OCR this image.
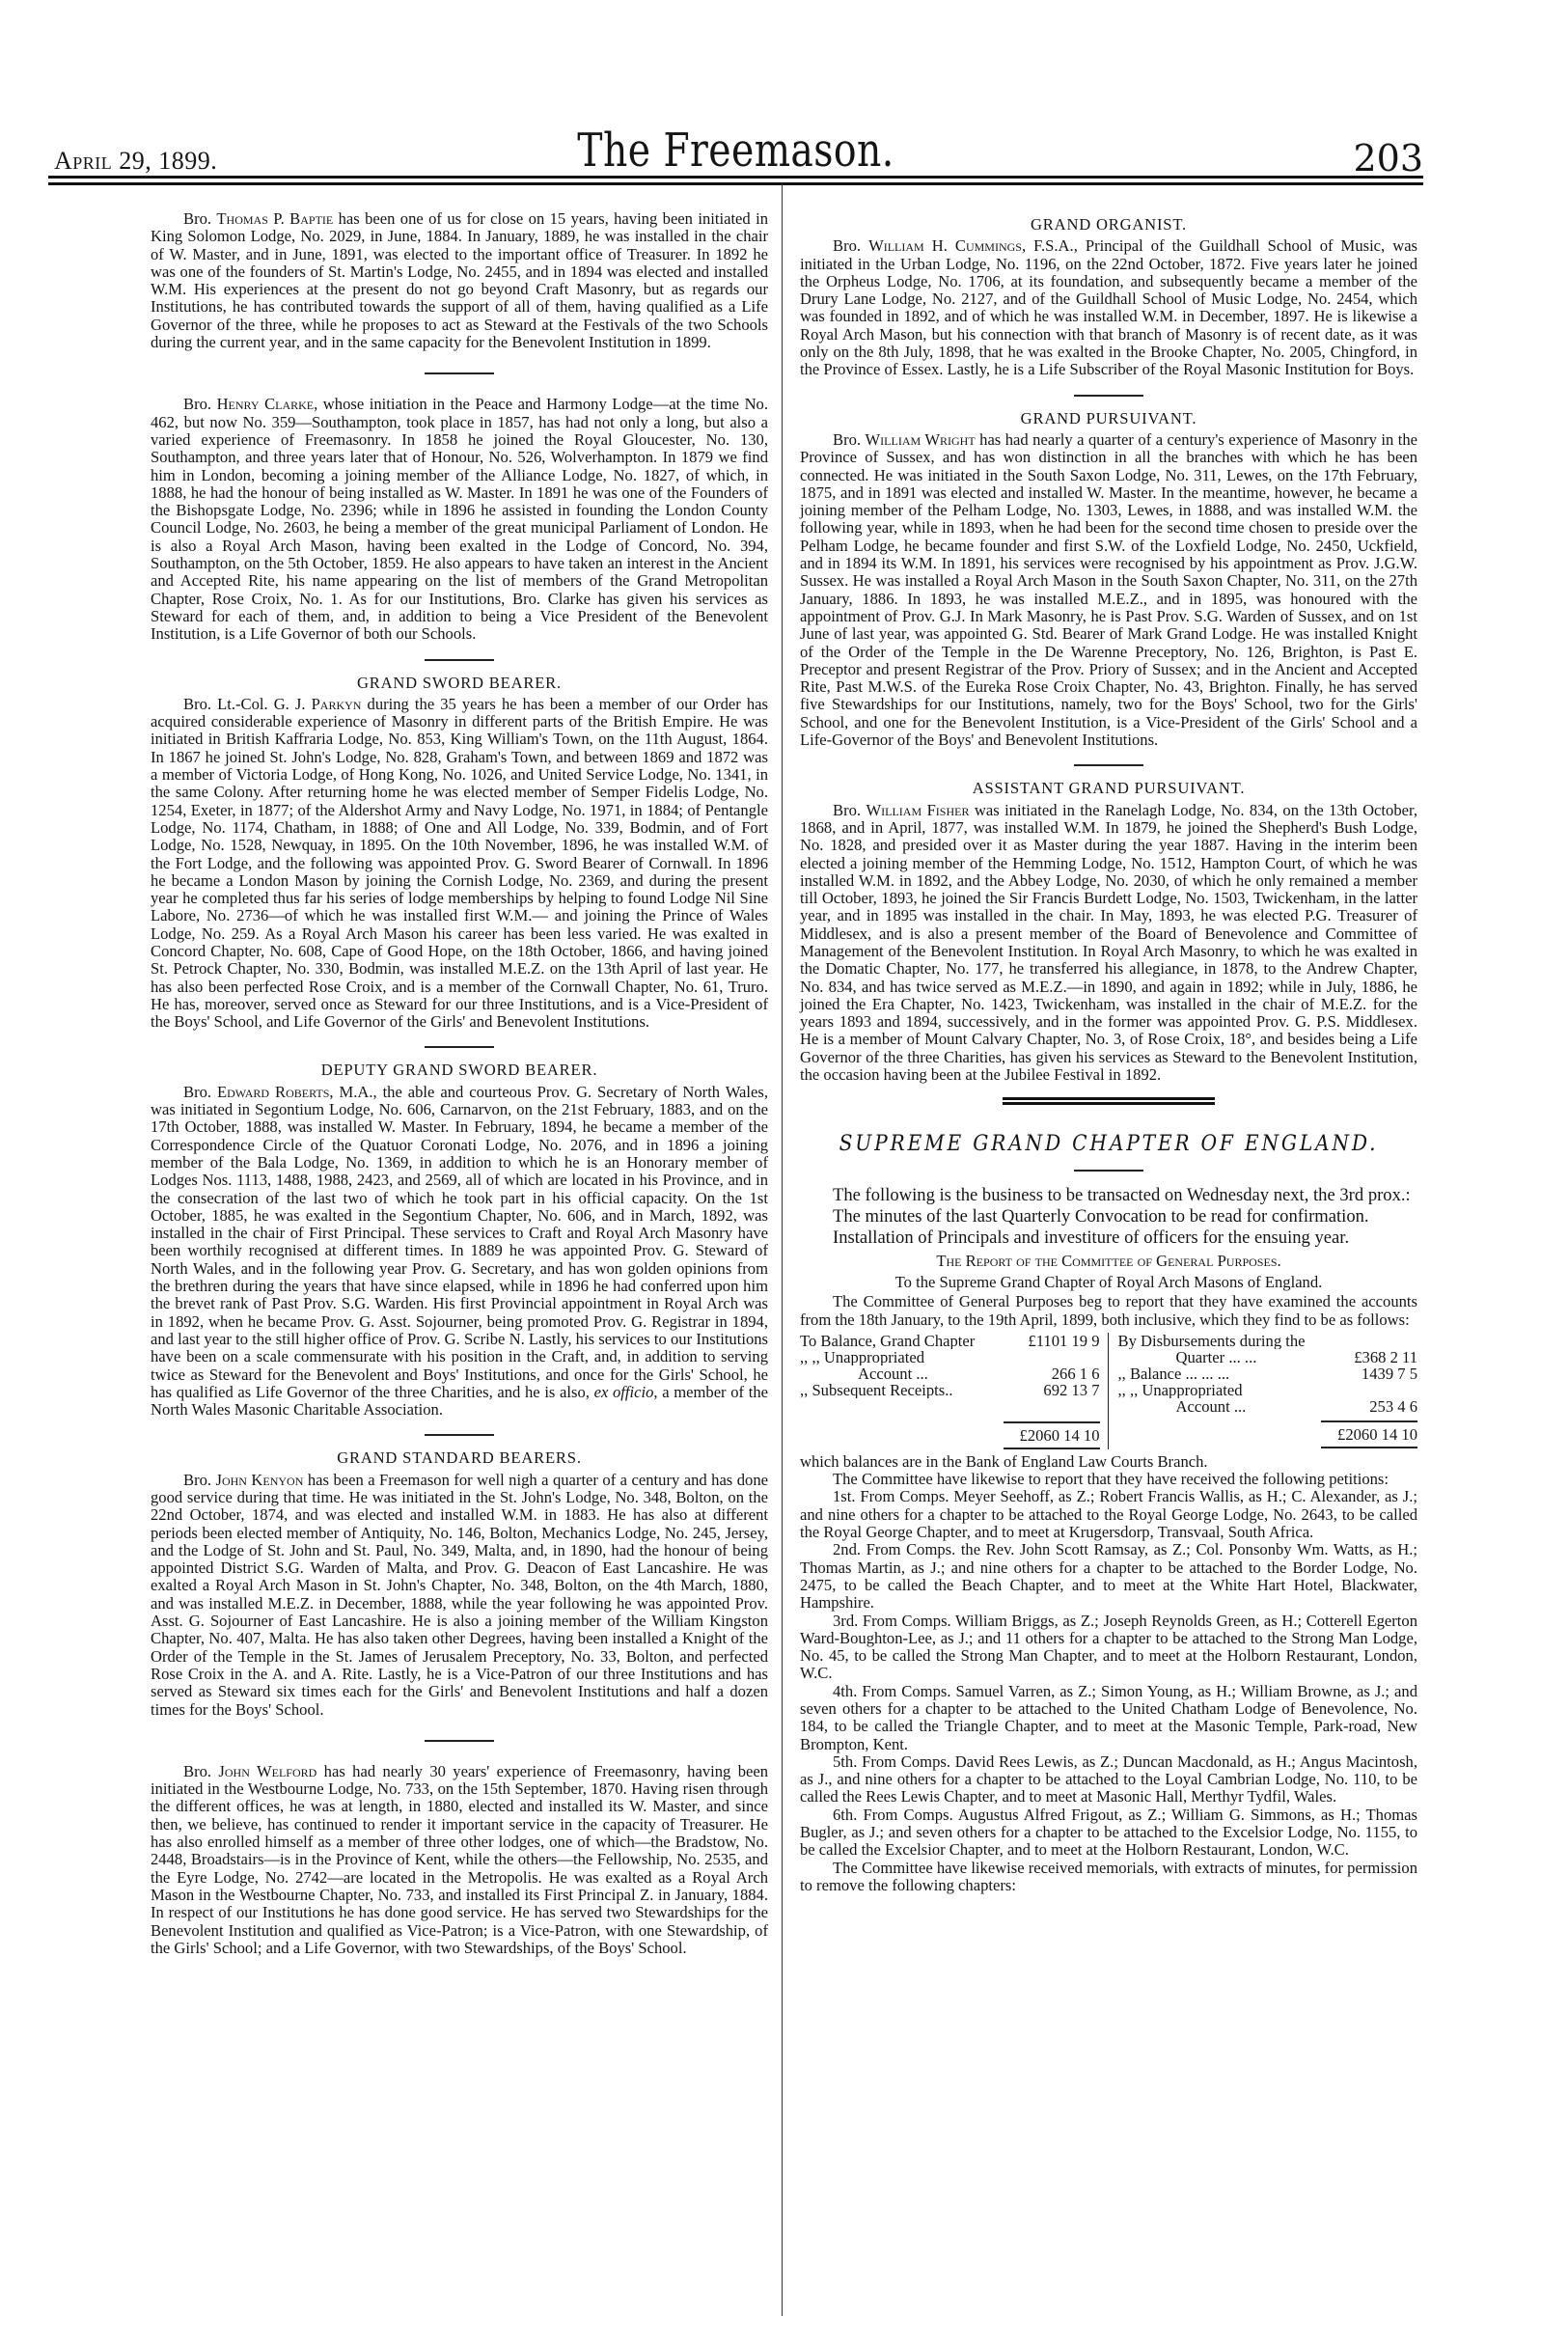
April 29, 1899.	The Freemason.	203

Bro. Thomas P. Baptie has been one of us for close on 15 years, having been initiated in King Solomon Lodge, No. 2029, in June, 1884. In January, 1889, he was installed in the chair of W. Master, and in June, 1891, was elected to the important office of Treasurer. In 1892 he was one of the founders of St. Martin's Lodge, No. 2455, and in 1894 was elected and installed W.M. His experiences at the present do not go beyond Craft Masonry, but as regards our Institutions, he has contributed towards the support of all of them, having qualified as a Life Governor of the three, while he proposes to act as Steward at the Festivals of the two Schools during the current year, and in the same capacity for the Benevolent Institution in 1899.

Bro. Henry Clarke, whose initiation in the Peace and Harmony Lodge—at the time No. 462, but now No. 359—Southampton, took place in 1857, has had not only a long, but also a varied experience of Freemasonry. In 1858 he joined the Royal Gloucester, No. 130, Southampton, and three years later that of Honour, No. 526, Wolverhampton. In 1879 we find him in London, becoming a joining member of the Alliance Lodge, No. 1827, of which, in 1888, he had the honour of being installed as W. Master. In 1891 he was one of the Founders of the Bishopsgate Lodge, No. 2396; while in 1896 he assisted in founding the London County Council Lodge, No. 2603, he being a member of the great municipal Parliament of London. He is also a Royal Arch Mason, having been exalted in the Lodge of Concord, No. 394, Southampton, on the 5th October, 1859. He also appears to have taken an interest in the Ancient and Accepted Rite, his name appearing on the list of members of the Grand Metropolitan Chapter, Rose Croix, No. 1. As for our Institutions, Bro. Clarke has given his services as Steward for each of them, and, in addition to being a Vice President of the Benevolent Institution, is a Life Governor of both our Schools.

GRAND SWORD BEARER.

Bro. Lt.-Col. G. J. Parkyn during the 35 years he has been a member of our Order has acquired considerable experience of Masonry in different parts of the British Empire. He was initiated in British Kaffraria Lodge, No. 853, King William's Town, on the 11th August, 1864. In 1867 he joined St. John's Lodge, No. 828, Graham's Town, and between 1869 and 1872 was a member of Victoria Lodge, of Hong Kong, No. 1026, and United Service Lodge, No. 1341, in the same Colony. After returning home he was elected member of Semper Fidelis Lodge, No. 1254, Exeter, in 1877; of the Aldershot Army and Navy Lodge, No. 1971, in 1884; of Pentangle Lodge, No. 1174, Chatham, in 1888; of One and All Lodge, No. 339, Bodmin, and of Fort Lodge, No. 1528, Newquay, in 1895. On the 10th November, 1896, he was installed W.M. of the Fort Lodge, and the following was appointed Prov. G. Sword Bearer of Cornwall. In 1896 he became a London Mason by joining the Cornish Lodge, No. 2369, and during the present year he completed thus far his series of lodge memberships by helping to found Lodge Nil Sine Labore, No. 2736—of which he was installed first W.M.— and joining the Prince of Wales Lodge, No. 259. As a Royal Arch Mason his career has been less varied. He was exalted in Concord Chapter, No. 608, Cape of Good Hope, on the 18th October, 1866, and having joined St. Petrock Chapter, No. 330, Bodmin, was installed M.E.Z. on the 13th April of last year. He has also been perfected Rose Croix, and is a member of the Cornwall Chapter, No. 61, Truro. He has, moreover, served once as Steward for our three Institutions, and is a Vice-President of the Boys' School, and Life Governor of the Girls' and Benevolent Institutions.

DEPUTY GRAND SWORD BEARER.

Bro. Edward Roberts, M.A., the able and courteous Prov. G. Secretary of North Wales, was initiated in Segontium Lodge, No. 606, Carnarvon, on the 21st February, 1883, and on the 17th October, 1888, was installed W. Master. In February, 1894, he became a member of the Correspondence Circle of the Quatuor Coronati Lodge, No. 2076, and in 1896 a joining member of the Bala Lodge, No. 1369, in addition to which he is an Honorary member of Lodges Nos. 1113, 1488, 1988, 2423, and 2569, all of which are located in his Province, and in the consecration of the last two of which he took part in his official capacity. On the 1st October, 1885, he was exalted in the Segontium Chapter, No. 606, and in March, 1892, was installed in the chair of First Principal. These services to Craft and Royal Arch Masonry have been worthily recognised at different times. In 1889 he was appointed Prov. G. Steward of North Wales, and in the following year Prov. G. Secretary, and has won golden opinions from the brethren during the years that have since elapsed, while in 1896 he had conferred upon him the brevet rank of Past Prov. S.G. Warden. His first Provincial appointment in Royal Arch was in 1892, when he became Prov. G. Asst. Sojourner, being promoted Prov. G. Registrar in 1894, and last year to the still higher office of Prov. G. Scribe N. Lastly, his services to our Institutions have been on a scale commensurate with his position in the Craft, and, in addition to serving twice as Steward for the Benevolent and Boys' Institutions, and once for the Girls' School, he has qualified as Life Governor of the three Charities, and he is also, ex officio, a member of the North Wales Masonic Charitable Association.

GRAND STANDARD BEARERS.

Bro. John Kenyon has been a Freemason for well nigh a quarter of a century and has done good service during that time. He was initiated in the St. John's Lodge, No. 348, Bolton, on the 22nd October, 1874, and was elected and installed W.M. in 1883. He has also at different periods been elected member of Antiquity, No. 146, Bolton, Mechanics Lodge, No. 245, Jersey, and the Lodge of St. John and St. Paul, No. 349, Malta, and, in 1890, had the honour of being appointed District S.G. Warden of Malta, and Prov. G. Deacon of East Lancashire. He was exalted a Royal Arch Mason in St. John's Chapter, No. 348, Bolton, on the 4th March, 1880, and was installed M.E.Z. in December, 1888, while the year following he was appointed Prov. Asst. G. Sojourner of East Lancashire. He is also a joining member of the William Kingston Chapter, No. 407, Malta. He has also taken other Degrees, having been installed a Knight of the Order of the Temple in the St. James of Jerusalem Preceptory, No. 33, Bolton, and perfected Rose Croix in the A. and A. Rite. Lastly, he is a Vice-Patron of our three Institutions and has served as Steward six times each for the Girls' and Benevolent Institutions and half a dozen times for the Boys' School.

Bro. John Welford has had nearly 30 years' experience of Freemasonry, having been initiated in the Westbourne Lodge, No. 733, on the 15th September, 1870. Having risen through the different offices, he was at length, in 1880, elected and installed its W. Master, and since then, we believe, has continued to render it important service in the capacity of Treasurer. He has also enrolled himself as a member of three other lodges, one of which—the Bradstow, No. 2448, Broadstairs—is in the Province of Kent, while the others—the Fellowship, No. 2535, and the Eyre Lodge, No. 2742—are located in the Metropolis. He was exalted as a Royal Arch Mason in the Westbourne Chapter, No. 733, and installed its First Principal Z. in January, 1884. In respect of our Institutions he has done good service. He has served two Stewardships for the Benevolent Institution and qualified as Vice-Patron; is a Vice-Patron, with one Stewardship, of the Girls' School; and a Life Governor, with two Stewardships, of the Boys' School.

GRAND ORGANIST.

Bro. William H. Cummings, F.S.A., Principal of the Guildhall School of Music, was initiated in the Urban Lodge, No. 1196, on the 22nd October, 1872. Five years later he joined the Orpheus Lodge, No. 1706, at its foundation, and subsequently became a member of the Drury Lane Lodge, No. 2127, and of the Guildhall School of Music Lodge, No. 2454, which was founded in 1892, and of which he was installed W.M. in December, 1897. He is likewise a Royal Arch Mason, but his connection with that branch of Masonry is of recent date, as it was only on the 8th July, 1898, that he was exalted in the Brooke Chapter, No. 2005, Chingford, in the Province of Essex. Lastly, he is a Life Subscriber of the Royal Masonic Institution for Boys.

GRAND PURSUIVANT.

Bro. William Wright has had nearly a quarter of a century's experience of Masonry in the Province of Sussex, and has won distinction in all the branches with which he has been connected. He was initiated in the South Saxon Lodge, No. 311, Lewes, on the 17th February, 1875, and in 1891 was elected and installed W. Master. In the meantime, however, he became a joining member of the Pelham Lodge, No. 1303, Lewes, in 1888, and was installed W.M. the following year, while in 1893, when he had been for the second time chosen to preside over the Pelham Lodge, he became founder and first S.W. of the Loxfield Lodge, No. 2450, Uckfield, and in 1894 its W.M. In 1891, his services were recognised by his appointment as Prov. J.G.W. Sussex. He was installed a Royal Arch Mason in the South Saxon Chapter, No. 311, on the 27th January, 1886. In 1893, he was installed M.E.Z., and in 1895, was honoured with the appointment of Prov. G.J. In Mark Masonry, he is Past Prov. S.G. Warden of Sussex, and on 1st June of last year, was appointed G. Std. Bearer of Mark Grand Lodge. He was installed Knight of the Order of the Temple in the De Warenne Preceptory, No. 126, Brighton, is Past E. Preceptor and present Registrar of the Prov. Priory of Sussex; and in the Ancient and Accepted Rite, Past M.W.S. of the Eureka Rose Croix Chapter, No. 43, Brighton. Finally, he has served five Stewardships for our Institutions, namely, two for the Boys' School, two for the Girls' School, and one for the Benevolent Institution, is a Vice-President of the Girls' School and a Life-Governor of the Boys' and Benevolent Institutions.

ASSISTANT GRAND PURSUIVANT.

Bro. William Fisher was initiated in the Ranelagh Lodge, No. 834, on the 13th October, 1868, and in April, 1877, was installed W.M. In 1879, he joined the Shepherd's Bush Lodge, No. 1828, and presided over it as Master during the year 1887. Having in the interim been elected a joining member of the Hemming Lodge, No. 1512, Hampton Court, of which he was installed W.M. in 1892, and the Abbey Lodge, No. 2030, of which he only remained a member till October, 1893, he joined the Sir Francis Burdett Lodge, No. 1503, Twickenham, in the latter year, and in 1895 was installed in the chair. In May, 1893, he was elected P.G. Treasurer of Middlesex, and is also a present member of the Board of Benevolence and Committee of Management of the Benevolent Institution. In Royal Arch Masonry, to which he was exalted in the Domatic Chapter, No. 177, he transferred his allegiance, in 1878, to the Andrew Chapter, No. 834, and has twice served as M.E.Z.—in 1890, and again in 1892; while in July, 1886, he joined the Era Chapter, No. 1423, Twickenham, was installed in the chair of M.E.Z. for the years 1893 and 1894, successively, and in the former was appointed Prov. G. P.S. Middlesex. He is a member of Mount Calvary Chapter, No. 3, of Rose Croix, 18°, and besides being a Life Governor of the three Charities, has given his services as Steward to the Benevolent Institution, the occasion having been at the Jubilee Festival in 1892.

SUPREME GRAND CHAPTER OF ENGLAND.

The following is the business to be transacted on Wednesday next, the 3rd prox.:

The minutes of the last Quarterly Convocation to be read for confirmation.

Installation of Principals and investiture of officers for the ensuing year.

The Report of the Committee of General Purposes.

To the Supreme Grand Chapter of Royal Arch Masons of England.

The Committee of General Purposes beg to report that they have examined the accounts from the 18th January, to the 19th April, 1899, both inclusive, which they find to be as follows:

To Balance, Grand Chapter	£1101 19 9
,, ,, Unappropriated
Account ...	266 1 6
,, Subsequent Receipts..	692 13 7
£2060 14 10
By Disbursements during the
Quarter ... ...	£368 2 11
,, Balance ... ... ...	1439 7 5
,, ,, Unappropriated
Account ...	253 4 6
£2060 14 10

which balances are in the Bank of England Law Courts Branch.

The Committee have likewise to report that they have received the following petitions:

1st. From Comps. Meyer Seehoff, as Z.; Robert Francis Wallis, as H.; C. Alexander, as J.; and nine others for a chapter to be attached to the Royal George Lodge, No. 2643, to be called the Royal George Chapter, and to meet at Krugersdorp, Transvaal, South Africa.

2nd. From Comps. the Rev. John Scott Ramsay, as Z.; Col. Ponsonby Wm. Watts, as H.; Thomas Martin, as J.; and nine others for a chapter to be attached to the Border Lodge, No. 2475, to be called the Beach Chapter, and to meet at the White Hart Hotel, Blackwater, Hampshire.

3rd. From Comps. William Briggs, as Z.; Joseph Reynolds Green, as H.; Cotterell Egerton Ward-Boughton-Lee, as J.; and 11 others for a chapter to be attached to the Strong Man Lodge, No. 45, to be called the Strong Man Chapter, and to meet at the Holborn Restaurant, London, W.C.

4th. From Comps. Samuel Varren, as Z.; Simon Young, as H.; William Browne, as J.; and seven others for a chapter to be attached to the United Chatham Lodge of Benevolence, No. 184, to be called the Triangle Chapter, and to meet at the Masonic Temple, Park-road, New Brompton, Kent.

5th. From Comps. David Rees Lewis, as Z.; Duncan Macdonald, as H.; Angus Macintosh, as J., and nine others for a chapter to be attached to the Loyal Cambrian Lodge, No. 110, to be called the Rees Lewis Chapter, and to meet at Masonic Hall, Merthyr Tydfil, Wales.

6th. From Comps. Augustus Alfred Frigout, as Z.; William G. Simmons, as H.; Thomas Bugler, as J.; and seven others for a chapter to be attached to the Excelsior Lodge, No. 1155, to be called the Excelsior Chapter, and to meet at the Holborn Restaurant, London, W.C.

The Committee have likewise received memorials, with extracts of minutes, for permission to remove the following chapters:
